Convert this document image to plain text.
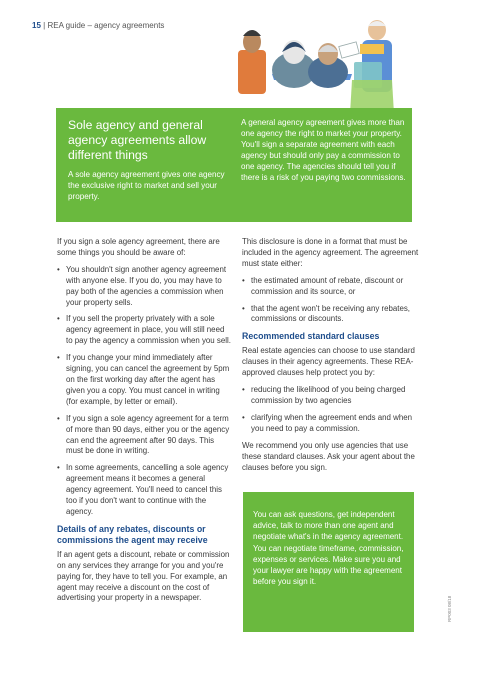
15 | REA guide – agency agreements
Sole agency and general agency agreements allow different things
A sole agency agreement gives one agency the exclusive right to market and sell your property.
A general agency agreement gives more than one agency the right to market your property. You'll sign a separate agreement with each agency but should only pay a commission to one agency. The agencies should tell you if there is a risk of you paying two commissions.

If you sign a sole agency agreement, there are some things you should be aware of:

• You shouldn't sign another agency agreement with anyone else. If you do, you may have to pay both of the agencies a commission when your property sells.
• If you sell the property privately with a sole agency agreement in place, you will still need to pay the agency a commission when you sell.
• If you change your mind immediately after signing, you can cancel the agreement by 5pm on the first working day after the agent has given you a copy. You must cancel in writing (for example, by letter or email).
• If you sign a sole agency agreement for a term of more than 90 days, either you or the agency can end the agreement after 90 days. This must be done in writing.
• In some agreements, cancelling a sole agency agreement means it becomes a general agency agreement. You'll need to cancel this too if you don't want to continue with the agency.
Details of any rebates, discounts or commissions the agent may receive

If an agent gets a discount, rebate or commission on any services they arrange for you and you're paying for, they have to tell you. For example, an agent may receive a discount on the cost of advertising your property in a newspaper.

This disclosure is done in a format that must be included in the agency agreement. The agreement must state either:

• the estimated amount of rebate, discount or commission and its source, or
• that the agent won't be receiving any rebates, commissions or discounts.
Recommended standard clauses

Real estate agencies can choose to use standard clauses in their agency agreements. These REA-approved clauses help protect you by:

• reducing the likelihood of you being charged commission by two agencies
• clarifying when the agreement ends and when you need to pay a commission.

We recommend you only use agencies that use these standard clauses. Ask your agent about the clauses before you sign.

You can ask questions, get independent advice, talk to more than one agent and negotiate what's in the agency agreement. You can negotiate timeframe, commission, expenses or services. Make sure you and your lawyer are happy with the agreement before you sign it.
RP003 08/18
